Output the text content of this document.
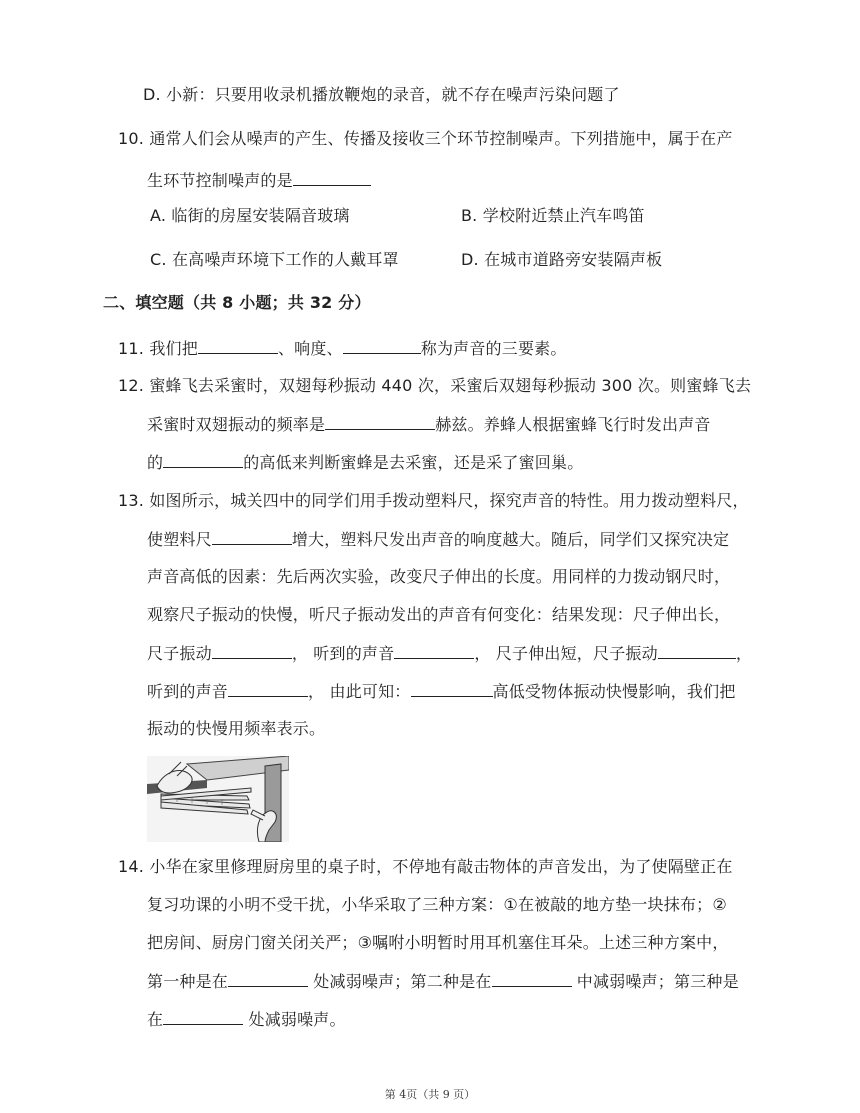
D. 小新：只要用收录机播放鞭炮的录音，就不存在噪声污染问题了
10. 通常人们会从噪声的产生、传播及接收三个环节控制噪声。下列措施中，属于在产
生环节控制噪声的是
A. 临街的房屋安装隔音玻璃	B. 学校附近禁止汽车鸣笛
C. 在高噪声环境下工作的人戴耳罩	D. 在城市道路旁安装隔声板
二、填空题（共 8 小题；共 32 分）
11. 我们把	、响度、	称为声音的三要素。
12. 蜜蜂飞去采蜜时，双翅每秒振动 440 次，采蜜后双翅每秒振动 300 次。则蜜蜂飞去
采蜜时双翅振动的频率是	赫兹。养蜂人根据蜜蜂飞行时发出声音
的	的高低来判断蜜蜂是去采蜜，还是采了蜜回巢。
13. 如图所示，城关四中的同学们用手拨动塑料尺，探究声音的特性。用力拨动塑料尺，
使塑料尺	增大，塑料尺发出声音的响度越大。随后，同学们又探究决定
声音高低的因素：先后两次实验，改变尺子伸出的长度。用同样的力拨动钢尺时，
观察尺子振动的快慢，听尺子振动发出的声音有何变化：结果发现：尺子伸出长，
尺子振动	， 听到的声音	， 尺子伸出短，尺子振动	，
听到的声音	， 由此可知：	高低受物体振动快慢影响，我们把
振动的快慢用频率表示。
14. 小华在家里修理厨房里的桌子时，不停地有敲击物体的声音发出，为了使隔壁正在
复习功课的小明不受干扰，小华采取了三种方案：①在被敲的地方垫一块抹布；②
把房间、厨房门窗关闭关严；③嘱咐小明暂时用耳机塞住耳朵。上述三种方案中，
第一种是在	处减弱噪声；第二种是在	中减弱噪声；第三种是
在	处减弱噪声。
第 4页（共 9 页）
